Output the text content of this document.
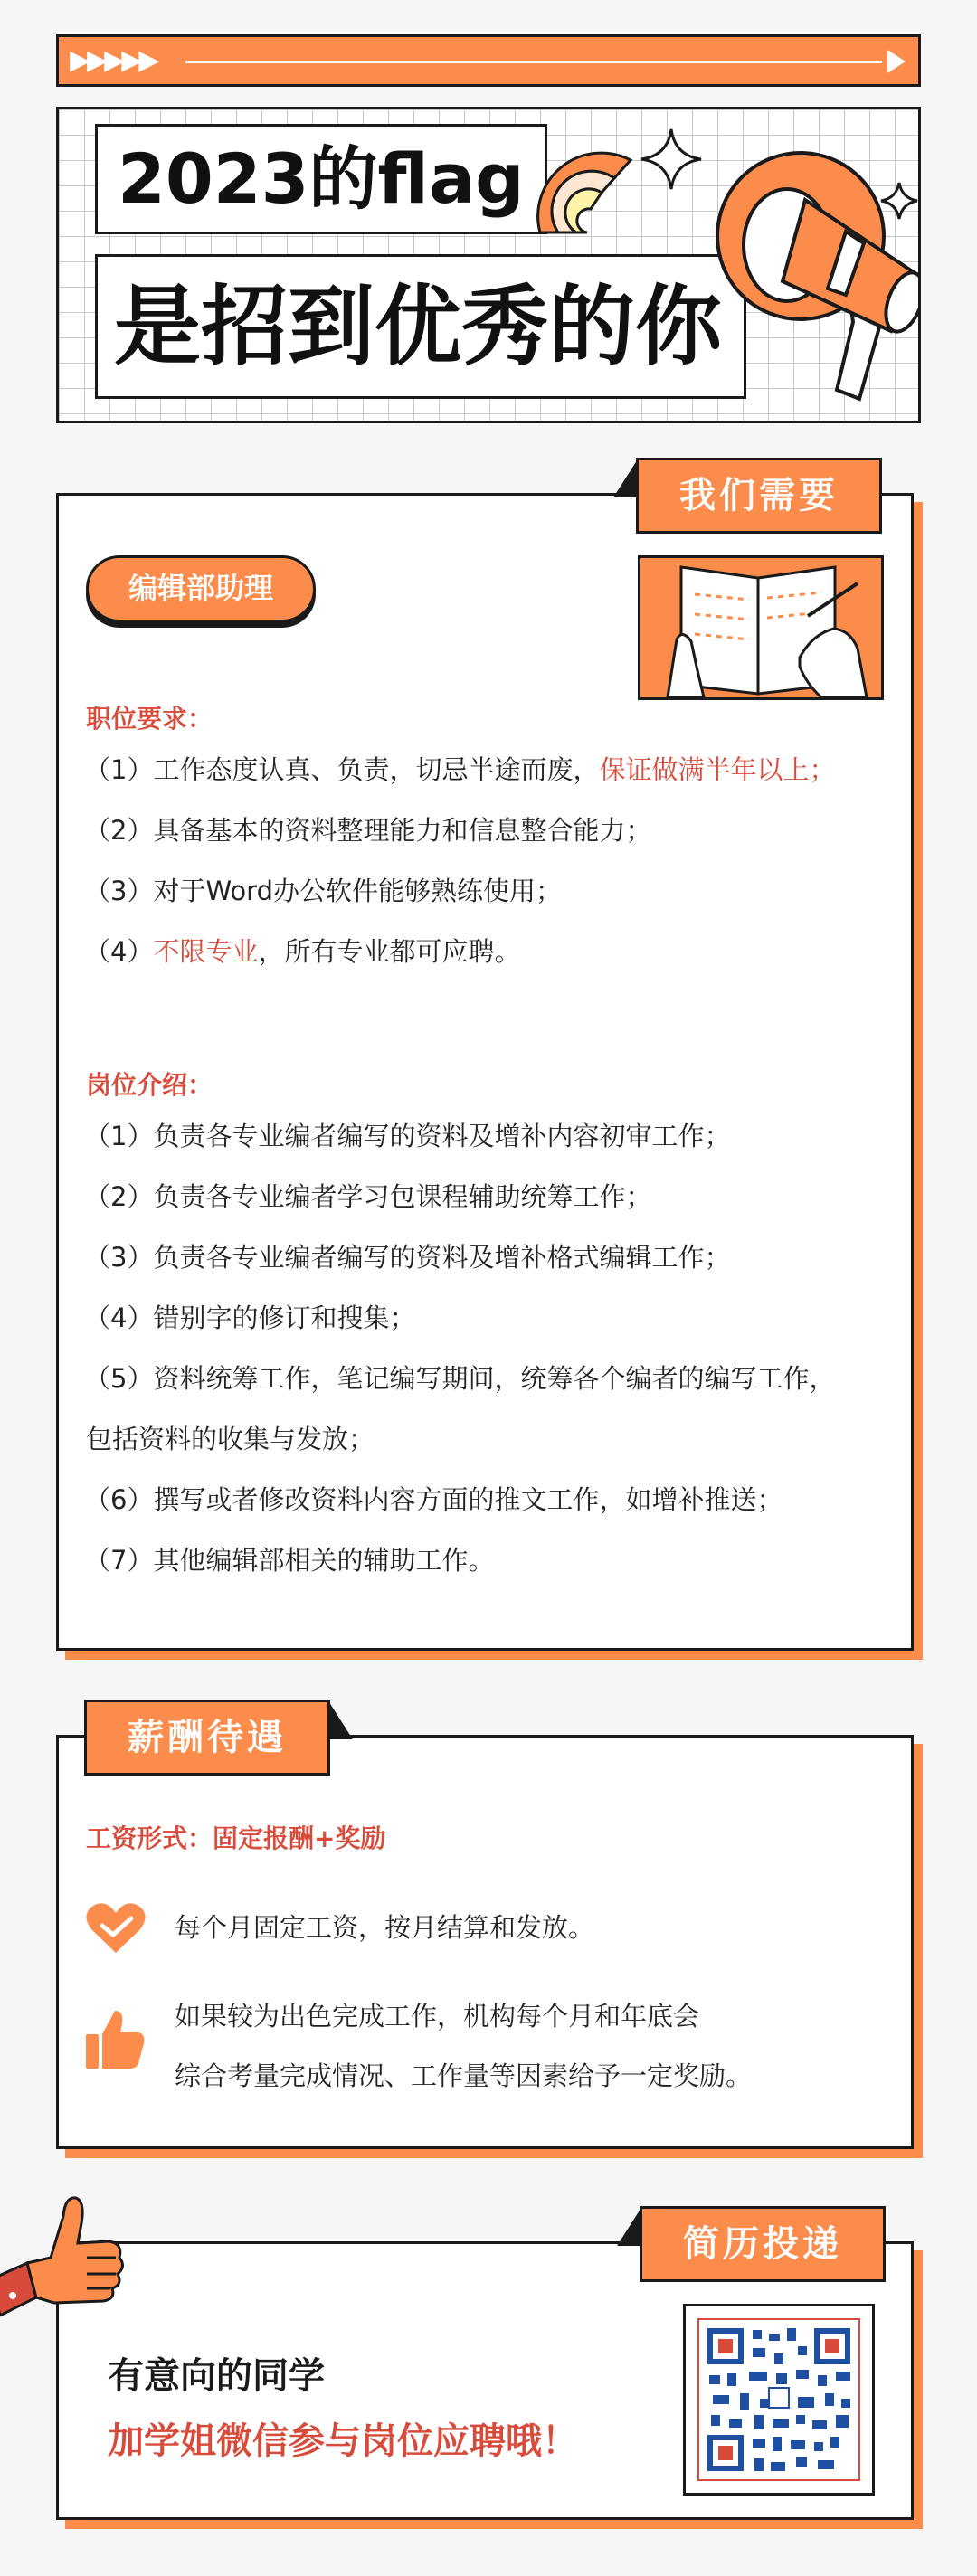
▶▶▶▶▶
2023的flag
是招到优秀的你
我们需要
编辑部助理
职位要求：
（1）工作态度认真、负责，切忌半途而废，保证做满半年以上；
（2）具备基本的资料整理能力和信息整合能力；
（3）对于Word办公软件能够熟练使用；
（4）不限专业，所有专业都可应聘。
岗位介绍：
（1）负责各专业编者编写的资料及增补内容初审工作；
（2）负责各专业编者学习包课程辅助统筹工作；
（3）负责各专业编者编写的资料及增补格式编辑工作；
（4）错别字的修订和搜集；
（5）资料统筹工作，笔记编写期间，统筹各个编者的编写工作，
包括资料的收集与发放；
（6）撰写或者修改资料内容方面的推文工作，如增补推送；
（7）其他编辑部相关的辅助工作。
薪酬待遇
工资形式：固定报酬+奖励
每个月固定工资，按月结算和发放。
如果较为出色完成工作，机构每个月和年底会
综合考量完成情况、工作量等因素给予一定奖励。
简历投递
有意向的同学
加学姐微信参与岗位应聘哦！
